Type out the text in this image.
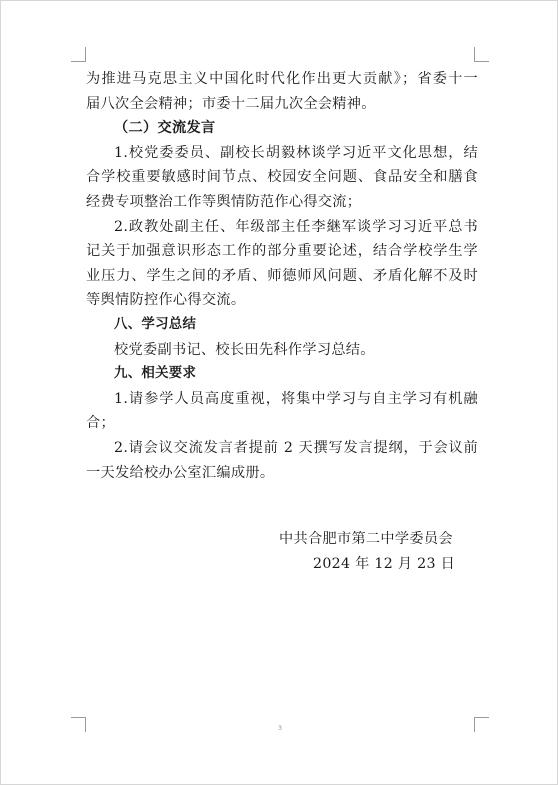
为推进马克思主义中国化时代化作出更大贡献》；省委十一
届八次全会精神；市委十二届九次全会精神。
（二）交流发言
1.校党委委员、副校长胡毅林谈学习近平文化思想，结
合学校重要敏感时间节点、校园安全问题、食品安全和膳食
经费专项整治工作等舆情防范作心得交流；
2.政教处副主任、年级部主任李継军谈学习习近平总书
记关于加强意识形态工作的部分重要论述，结合学校学生学
业压力、学生之间的矛盾、师德师风问题、矛盾化解不及时
等舆情防控作心得交流。
八、学习总结
校党委副书记、校长田先科作学习总结。
九、相关要求
1.请参学人员高度重视，将集中学习与自主学习有机融
合；
2.请会议交流发言者提前 2 天撰写发言提纲，于会议前
一天发给校办公室汇编成册。
中共合肥市第二中学委员会
2024 年 12 月 23 日
3
